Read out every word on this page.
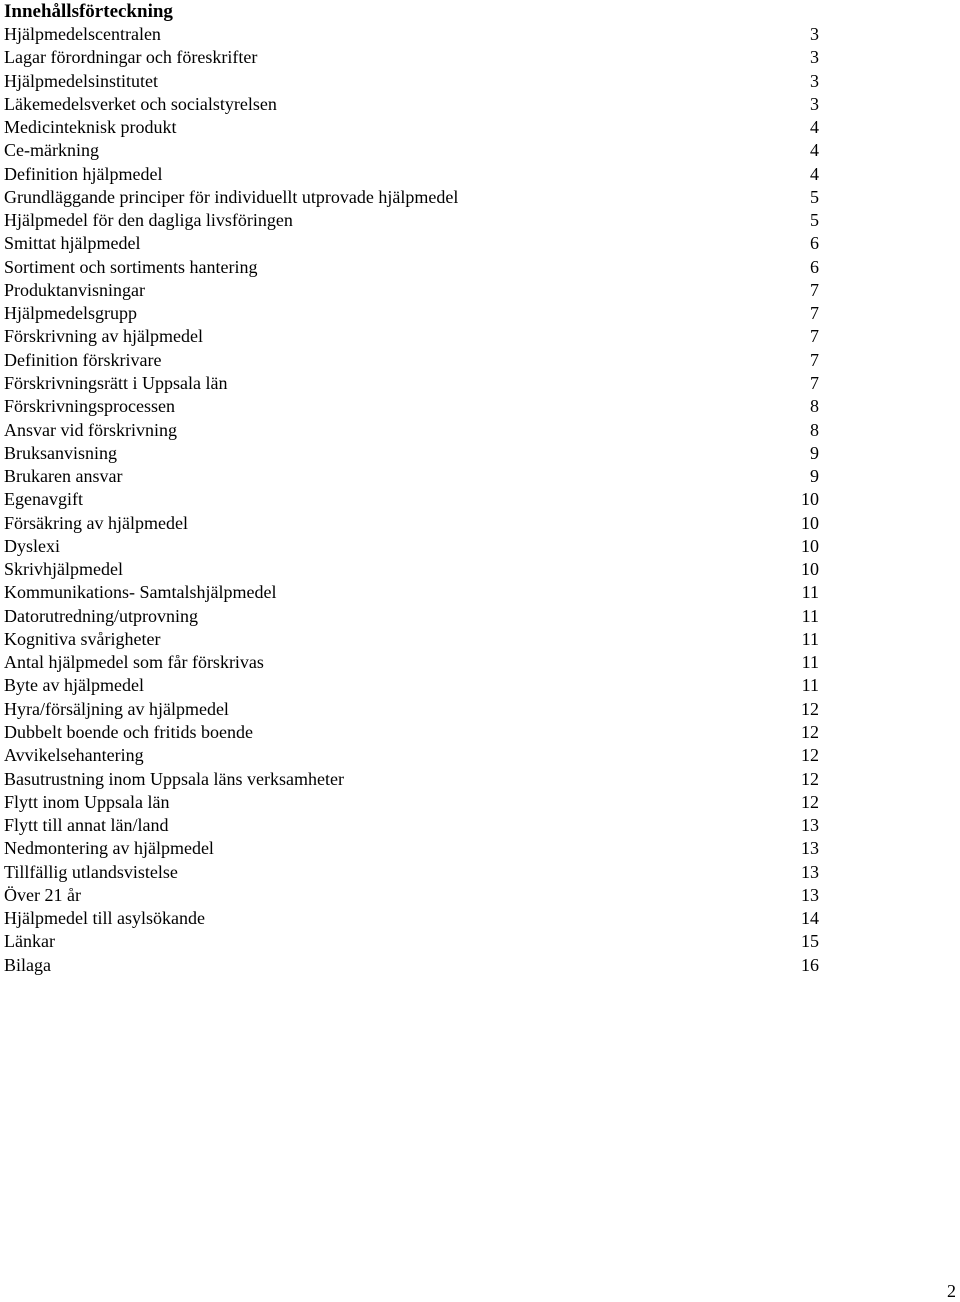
Innehållsförteckning
Hjälpmedelscentralen	3
Lagar förordningar och föreskrifter	3
Hjälpmedelsinstitutet	3
Läkemedelsverket och socialstyrelsen	3
Medicinteknisk produkt	4
Ce-märkning	4
Definition hjälpmedel	4
Grundläggande principer för individuellt utprovade hjälpmedel	5
Hjälpmedel för den dagliga livsföringen	5
Smittat hjälpmedel	6
Sortiment och sortiments hantering	6
Produktanvisningar	7
Hjälpmedelsgrupp	7
Förskrivning av hjälpmedel	7
Definition förskrivare	7
Förskrivningsrätt i Uppsala län	7
Förskrivningsprocessen	8
Ansvar vid förskrivning	8
Bruksanvisning	9
Brukaren ansvar	9
Egenavgift	10
Försäkring av hjälpmedel	10
Dyslexi	10
Skrivhjälpmedel	10
Kommunikations- Samtalshjälpmedel	11
Datorutredning/utprovning	11
Kognitiva svårigheter	11
Antal hjälpmedel som får förskrivas	11
Byte av hjälpmedel	11
Hyra/försäljning av hjälpmedel	12
Dubbelt boende och fritids boende	12
Avvikelsehantering	12
Basutrustning inom Uppsala läns verksamheter	12
Flytt inom Uppsala län	12
Flytt till annat län/land	13
Nedmontering av hjälpmedel	13
Tillfällig utlandsvistelse	13
Över 21 år	13
Hjälpmedel till asylsökande	14
Länkar	15
Bilaga	16
2
